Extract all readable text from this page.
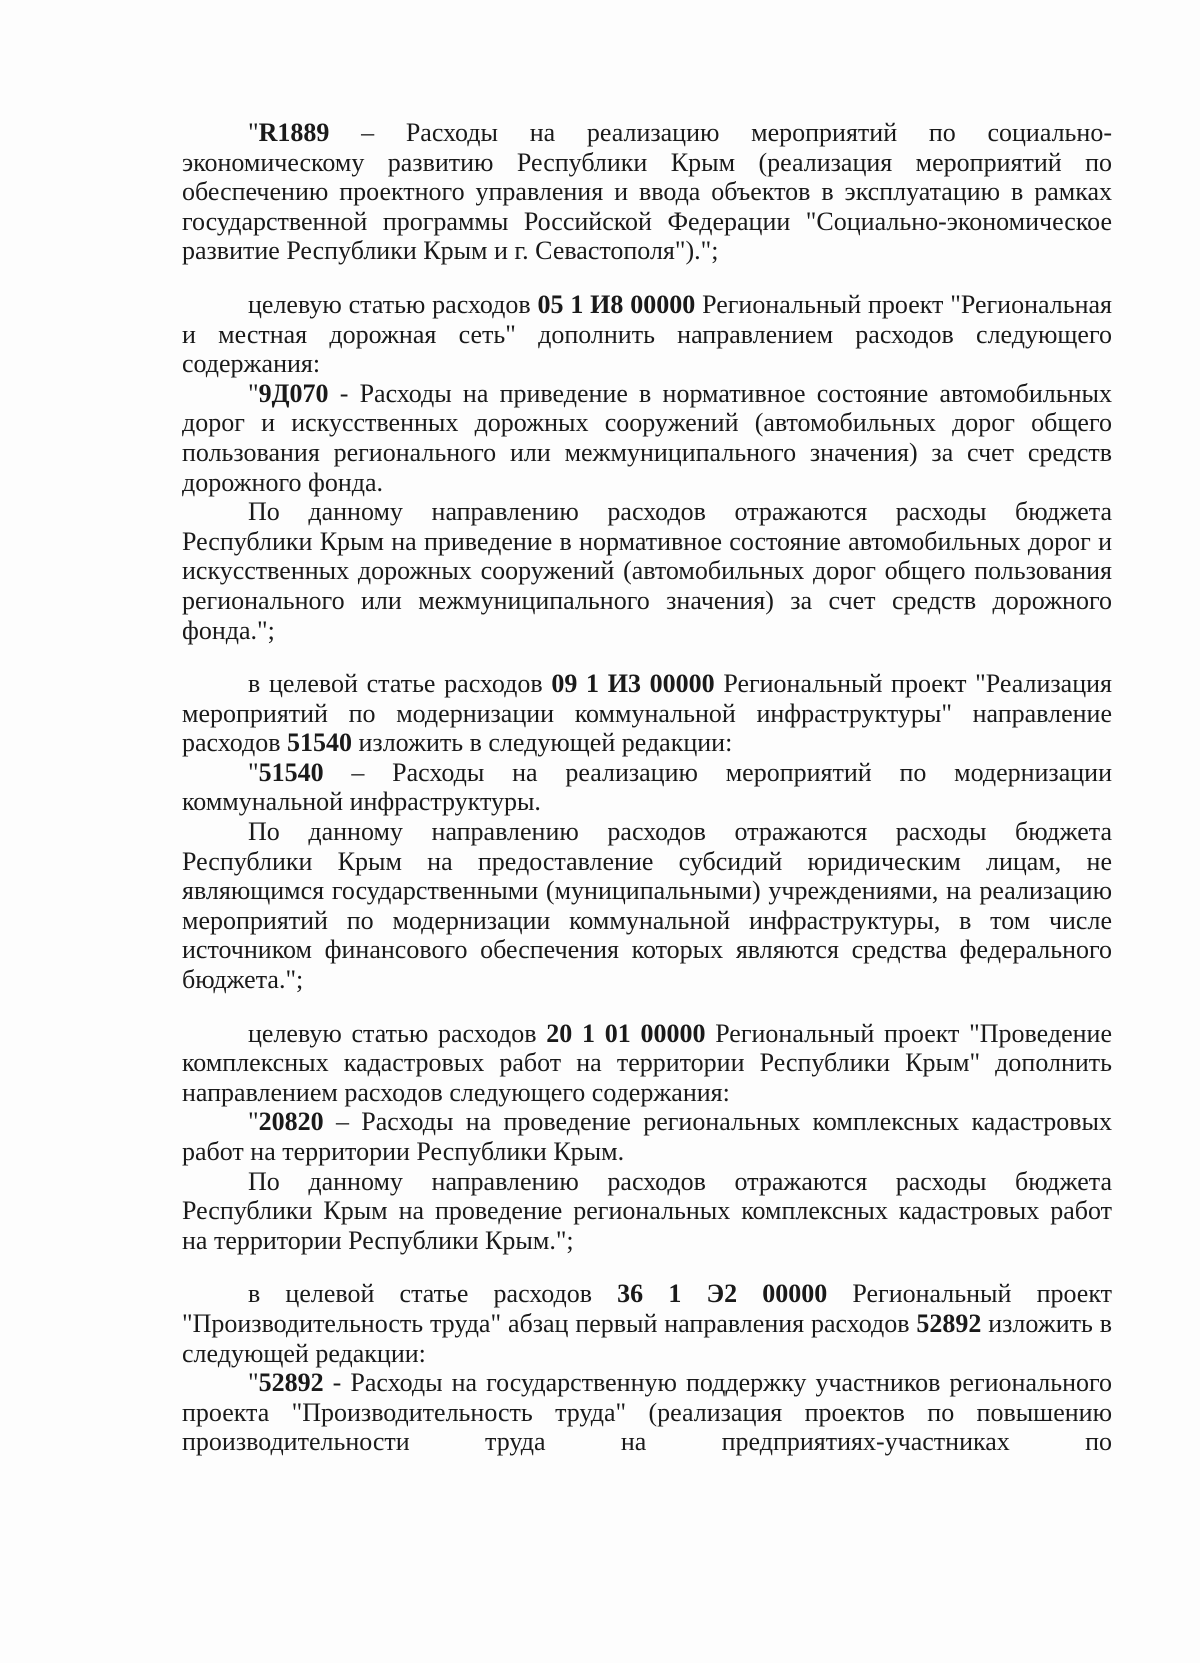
"R1889 – Расходы на реализацию мероприятий по социально-экономическому развитию Республики Крым (реализация мероприятий по обеспечению проектного управления и ввода объектов в эксплуатацию в рамках государственной программы Российской Федерации "Социально-экономическое развитие Республики Крым и г. Севастополя").";

целевую статью расходов 05 1 И8 00000 Региональный проект "Региональная и местная дорожная сеть" дополнить направлением расходов следующего содержания:

"9Д070 - Расходы на приведение в нормативное состояние автомобильных дорог и искусственных дорожных сооружений (автомобильных дорог общего пользования регионального или межмуниципального значения) за счет средств дорожного фонда.

По данному направлению расходов отражаются расходы бюджета Республики Крым на приведение в нормативное состояние автомобильных дорог и искусственных дорожных сооружений (автомобильных дорог общего пользования регионального или межмуниципального значения) за счет средств дорожного фонда.";

в целевой статье расходов 09 1 И3 00000 Региональный проект "Реализация мероприятий по модернизации коммунальной инфраструктуры" направление расходов 51540 изложить в следующей редакции:

"51540 – Расходы на реализацию мероприятий по модернизации коммунальной инфраструктуры.

По данному направлению расходов отражаются расходы бюджета Республики Крым на предоставление субсидий юридическим лицам, не являющимся государственными (муниципальными) учреждениями, на реализацию мероприятий по модернизации коммунальной инфраструктуры, в том числе источником финансового обеспечения которых являются средства федерального бюджета.";

целевую статью расходов 20 1 01 00000 Региональный проект "Проведение комплексных кадастровых работ на территории Республики Крым" дополнить направлением расходов следующего содержания:

"20820 – Расходы на проведение региональных комплексных кадастровых работ на территории Республики Крым.

По данному направлению расходов отражаются расходы бюджета Республики Крым на проведение региональных комплексных кадастровых работ на территории Республики Крым.";

в целевой статье расходов 36 1 Э2 00000 Региональный проект "Производительность труда" абзац первый направления расходов 52892 изложить в следующей редакции:

"52892 - Расходы на государственную поддержку участников регионального проекта "Производительность труда" (реализация проектов по повышению производительности труда на предприятиях-участниках по
